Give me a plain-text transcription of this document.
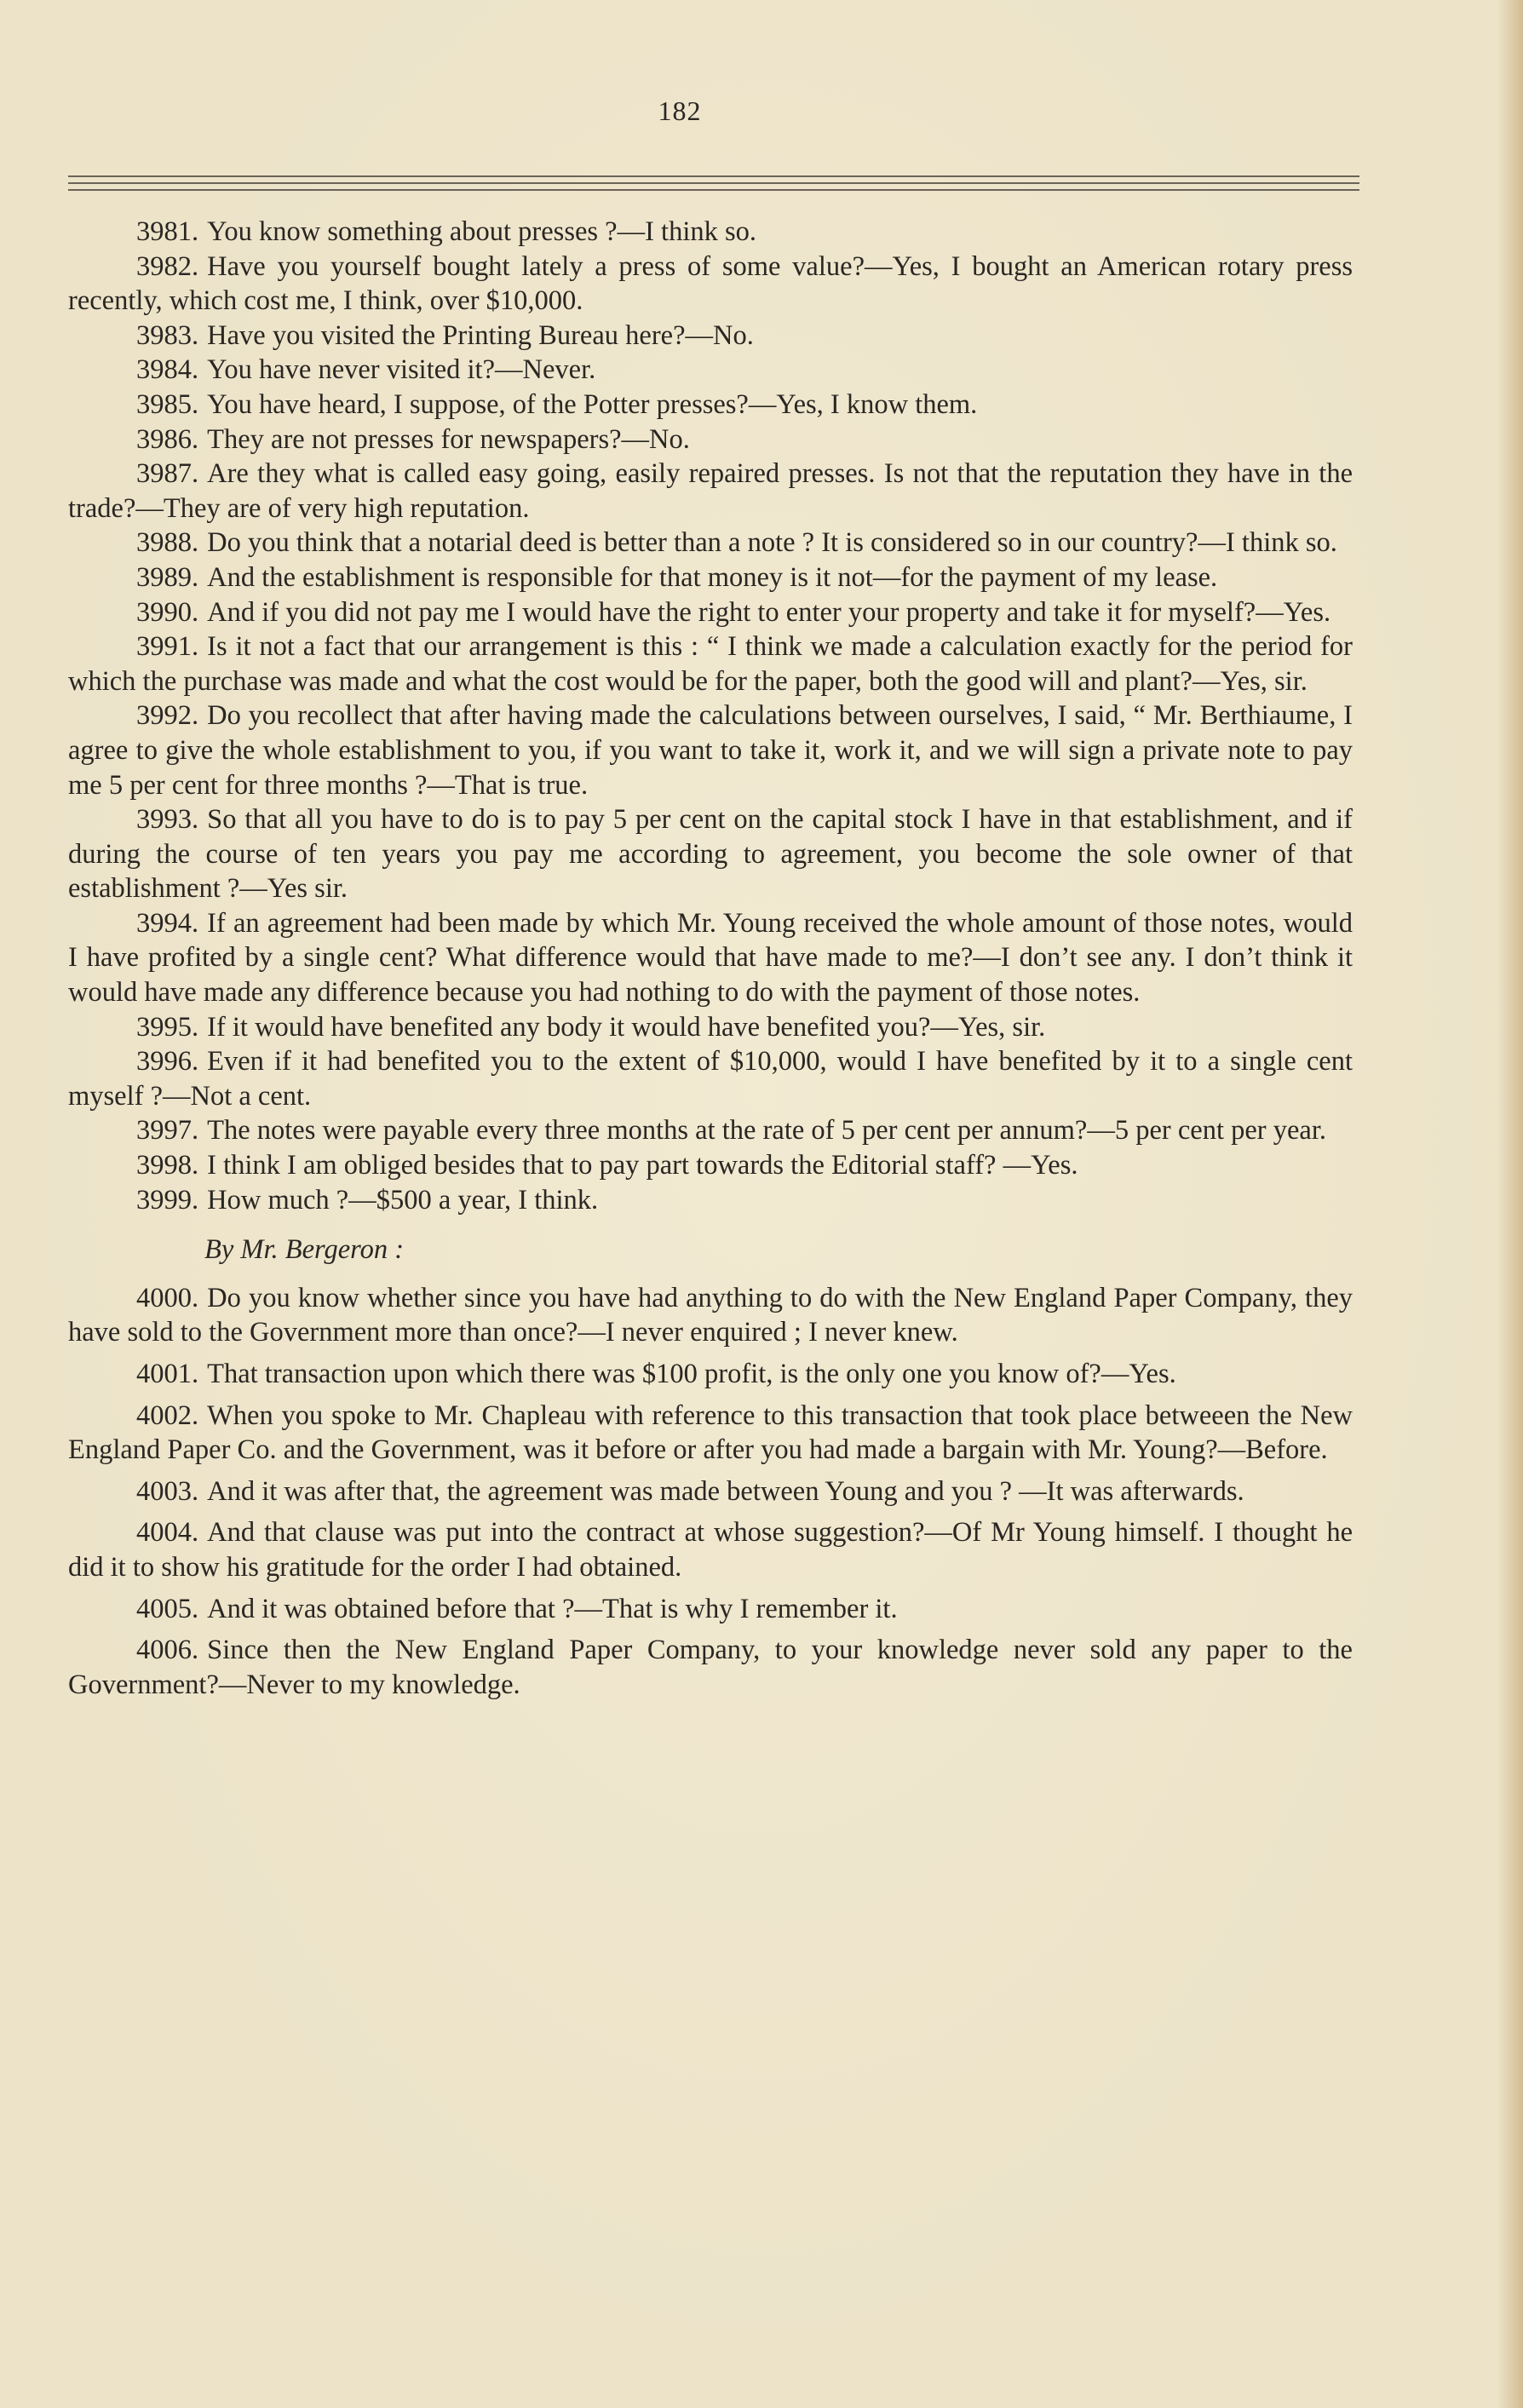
182

3981. You know something about presses ?—I think so.

3982. Have you yourself bought lately a press of some value?—Yes, I bought an American rotary press recently, which cost me, I think, over $10,000.

3983. Have you visited the Printing Bureau here?—No.

3984. You have never visited it?—Never.

3985. You have heard, I suppose, of the Potter presses?—Yes, I know them.

3986. They are not presses for newspapers?—No.

3987. Are they what is called easy going, easily repaired presses. Is not that the reputation they have in the trade?—They are of very high reputation.

3988. Do you think that a notarial deed is better than a note ? It is considered so in our country?—I think so.

3989. And the establishment is responsible for that money is it not—for the payment of my lease.

3990. And if you did not pay me I would have the right to enter your property and take it for myself?—Yes.

3991. Is it not a fact that our arrangement is this : “ I think we made a calculation exactly for the period for which the purchase was made and what the cost would be for the paper, both the good will and plant?—Yes, sir.

3992. Do you recollect that after having made the calculations between ourselves, I said, “ Mr. Berthiaume, I agree to give the whole establishment to you, if you want to take it, work it, and we will sign a private note to pay me 5 per cent for three months ?—That is true.

3993. So that all you have to do is to pay 5 per cent on the capital stock I have in that establishment, and if during the course of ten years you pay me according to agreement, you become the sole owner of that establishment ?—Yes sir.

3994. If an agreement had been made by which Mr. Young received the whole amount of those notes, would I have profited by a single cent? What difference would that have made to me?—I don’t see any. I don’t think it would have made any difference because you had nothing to do with the payment of those notes.

3995. If it would have benefited any body it would have benefited you?—Yes, sir.

3996. Even if it had benefited you to the extent of $10,000, would I have benefited by it to a single cent myself ?—Not a cent.

3997. The notes were payable every three months at the rate of 5 per cent per annum?—5 per cent per year.

3998. I think I am obliged besides that to pay part towards the Editorial staff? —Yes.

3999. How much ?—$500 a year, I think.

By Mr. Bergeron :

4000. Do you know whether since you have had anything to do with the New England Paper Company, they have sold to the Government more than once?—I never enquired ; I never knew.

4001. That transaction upon which there was $100 profit, is the only one you know of?—Yes.

4002. When you spoke to Mr. Chapleau with reference to this transaction that took place betweeen the New England Paper Co. and the Government, was it before or after you had made a bargain with Mr. Young?—Before.

4003. And it was after that, the agreement was made between Young and you ? —It was afterwards.

4004. And that clause was put into the contract at whose suggestion?—Of Mr Young himself. I thought he did it to show his gratitude for the order I had obtained.

4005. And it was obtained before that ?—That is why I remember it.

4006. Since then the New England Paper Company, to your knowledge never sold any paper to the Government?—Never to my knowledge.
